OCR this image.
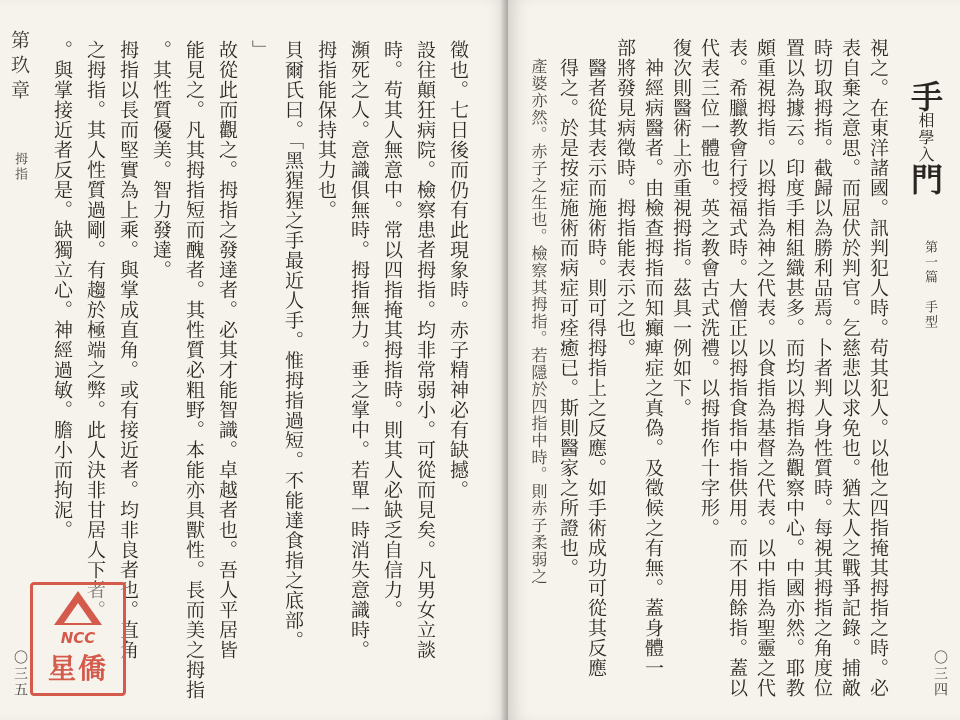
第玖章
拇指	徵也。七日後而仍有此現象時。赤子精神必有缺撼。
設往顛狂病院。檢察患者拇指。均非常弱小。可從而見矣。凡男女立談
時。苟其人無意中。常以四指掩其拇指時。則其人必缺乏自信力。
瀕死之人。意識俱無時。拇指無力。垂之掌中。若單一時消失意識時。
拇指能保持其力也。
貝爾氏曰。「黑猩猩之手最近人手。惟拇指過短。不能達食指之底部。
」
故從此而觀之。拇指之發達者。必其才能智識。卓越者也。吾人平居皆
能見之。凡其拇指短而醜者。其性質必粗野。本能亦具獸性。長而美之拇指
。其性質優美。智力發達。
拇指以長而堅實為上乘。與掌成直角。或有接近者。均非良者也。直角
之拇指。其人性質過剛。有趨於極端之弊。此人決非甘居人下者。
。與掌接近者反是。缺獨立心。神經過敏。膽小而拘泥。
〇三五
NCC
星僑
手相學入門
第一篇　手型
〇三四
視之。在東洋諸國。訊判犯人時。苟其犯人。以他之四指掩其拇指之時。必
表自棄之意思。而屈伏於判官。乞慈悲以求免也。猶太人之戰爭記錄。捕敵
時切取拇指。截歸以為勝利品焉。卜者判人身性質時。每視其拇指之角度位
置以為據云。印度手相組織甚多。而均以拇指為觀察中心。中國亦然。耶教
頗重視拇指。以拇指為神之代表。以食指為基督之代表。以中指為聖靈之代
表。希臘教會行授福式時。大僧正以拇指食指中指供用。而不用餘指。蓋以
代表三位一體也。英之教會古式洗禮。以拇指作十字形。
復次則醫術上亦重視拇指。茲具一例如下。
神經病醫者。由檢查拇指而知癲痺症之真偽。及徵候之有無。蓋身體一
部將發見病徵時。拇指能表示之也。
醫者從其表示而施術時。則可得拇指上之反應。如手術成功可從其反應
得之。於是按症施術而病症可痊癒已。斯則醫家之所證也。
產婆亦然。赤子之生也。檢察其拇指。若隱於四指中時。則赤子柔弱之
